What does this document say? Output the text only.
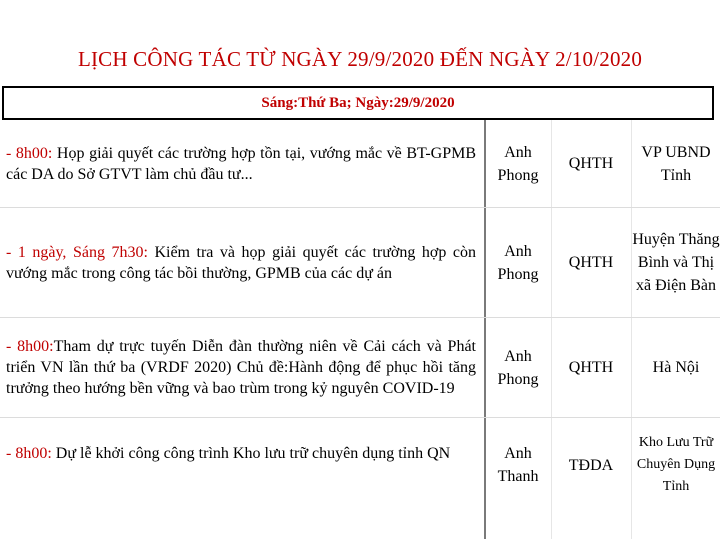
LỊCH CÔNG TÁC TỪ NGÀY 29/9/2020 ĐẾN NGÀY 2/10/2020
Sáng:Thứ Ba; Ngày:29/9/2020
- 8h00: Họp giải quyết các trường hợp tồn tại, vướng mắc về BT-GPMB các DA do Sở GTVT làm chủ đầu tư...
Anh Phong
QHTH
VP UBND Tỉnh
- 1 ngày, Sáng 7h30: Kiểm tra và họp giải quyết các trường hợp còn vướng mắc trong công tác bồi thường, GPMB của các dự án
Anh Phong
QHTH
Huyện Thăng Bình và Thị xã Điện Bàn
- 8h00:Tham dự trực tuyến Diễn đàn thường niên về Cải cách và Phát triển VN lần thứ ba (VRDF 2020) Chủ đề:Hành động để phục hồi tăng trưởng theo hướng bền vững và bao trùm trong kỷ nguyên COVID-19
Anh Phong
QHTH	Hà Nội
- 8h00: Dự lễ khởi công công trình Kho lưu trữ chuyên dụng tỉnh QN	Anh Thanh
TĐDA
Kho Lưu Trữ Chuyên Dụng Tỉnh
